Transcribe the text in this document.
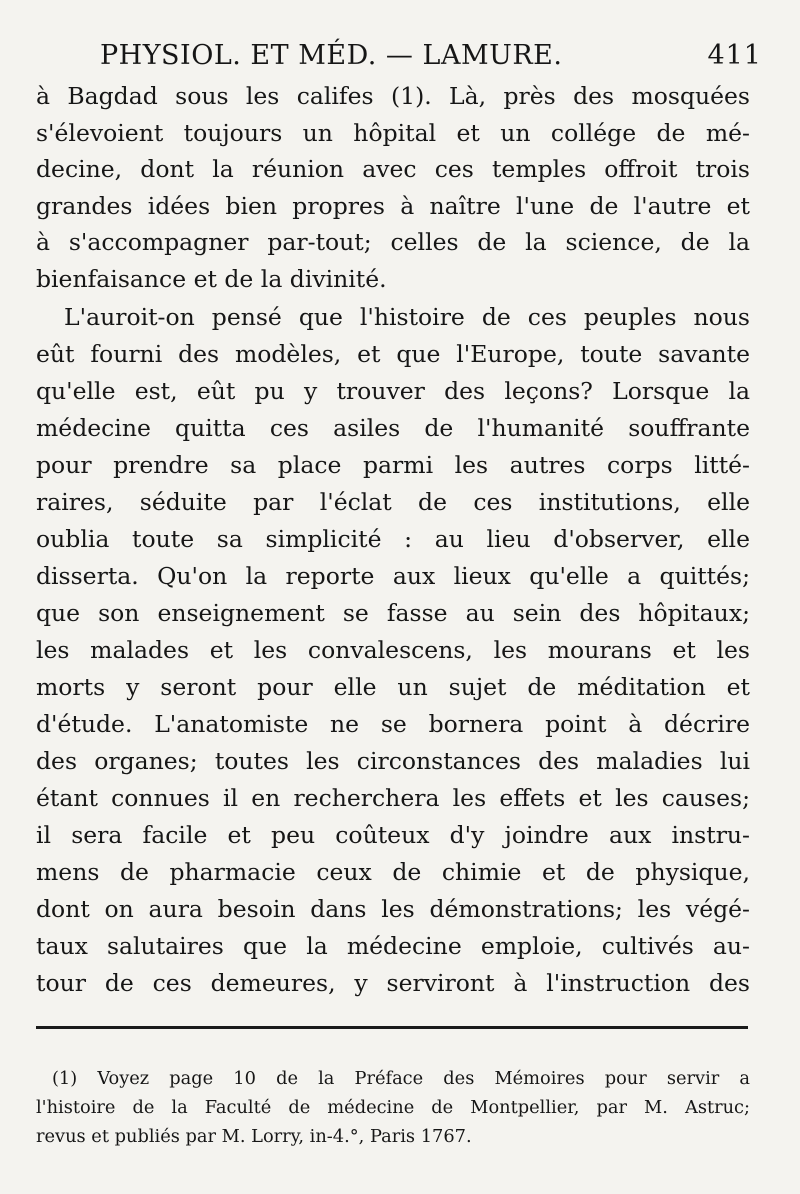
PHYSIOL. ET MÉD. — LAMURE.	411
à Bagdad sous les califes (1). Là, près des mosquées
s'élevoient toujours un hôpital et un collége de mé-
decine, dont la réunion avec ces temples offroit trois
grandes idées bien propres à naître l'une de l'autre et
à s'accompagner par-tout; celles de la science, de la
bienfaisance et de la divinité.
L'auroit-on pensé que l'histoire de ces peuples nous
eût fourni des modèles, et que l'Europe, toute savante
qu'elle est, eût pu y trouver des leçons? Lorsque la
médecine quitta ces asiles de l'humanité souffrante
pour prendre sa place parmi les autres corps litté-
raires, séduite par l'éclat de ces institutions, elle
oublia toute sa simplicité : au lieu d'observer, elle
disserta. Qu'on la reporte aux lieux qu'elle a quittés;
que son enseignement se fasse au sein des hôpitaux;
les malades et les convalescens, les mourans et les
morts y seront pour elle un sujet de méditation et
d'étude. L'anatomiste ne se bornera point à décrire
des organes; toutes les circonstances des maladies lui
étant connues il en recherchera les effets et les causes;
il sera facile et peu coûteux d'y joindre aux instru-
mens de pharmacie ceux de chimie et de physique,
dont on aura besoin dans les démonstrations; les végé-
taux salutaires que la médecine emploie, cultivés au-
tour de ces demeures, y serviront à l'instruction des
(1) Voyez page 10 de la Préface des Mémoires pour servir a
l'histoire de la Faculté de médecine de Montpellier, par M. Astruc;
revus et publiés par M. Lorry, in-4.°, Paris 1767.
